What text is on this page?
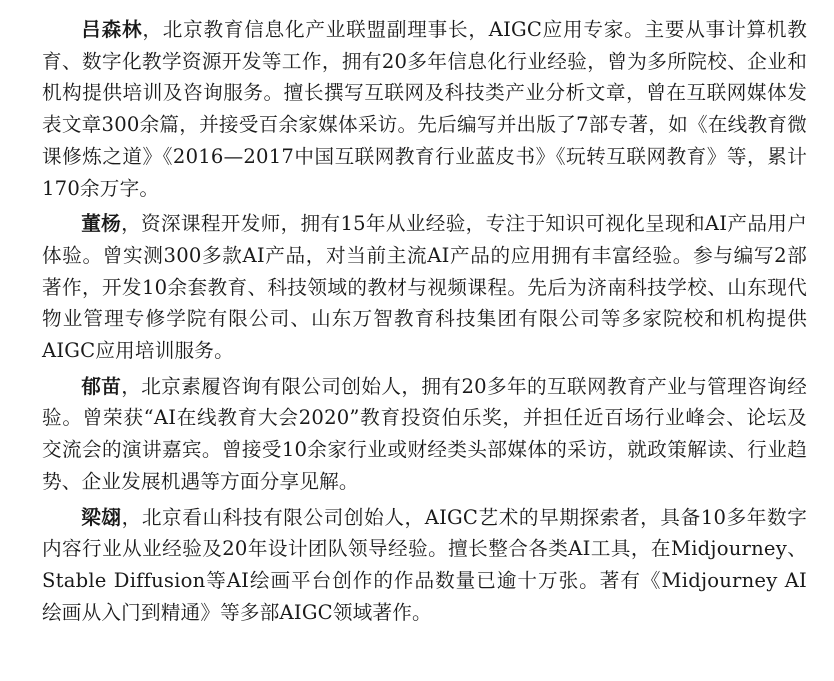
吕森林，北京教育信息化产业联盟副理事长，AIGC应用专家。主要从事计算机教育、数字化教学资源开发等工作，拥有20多年信息化行业经验，曾为多所院校、企业和机构提供培训及咨询服务。擅长撰写互联网及科技类产业分析文章，曾在互联网媒体发表文章300余篇，并接受百余家媒体采访。先后编写并出版了7部专著，如《在线教育微课修炼之道》《2016—2017中国互联网教育行业蓝皮书》《玩转互联网教育》等，累计170余万字。

董杨，资深课程开发师，拥有15年从业经验，专注于知识可视化呈现和AI产品用户体验。曾实测300多款AI产品，对当前主流AI产品的应用拥有丰富经验。参与编写2部著作，开发10余套教育、科技领域的教材与视频课程。先后为济南科技学校、山东现代物业管理专修学院有限公司、山东万智教育科技集团有限公司等多家院校和机构提供AIGC应用培训服务。

郁苗，北京素履咨询有限公司创始人，拥有20多年的互联网教育产业与管理咨询经验。曾荣获“AI在线教育大会2020”教育投资伯乐奖，并担任近百场行业峰会、论坛及交流会的演讲嘉宾。曾接受10余家行业或财经类头部媒体的采访，就政策解读、行业趋势、企业发展机遇等方面分享见解。

梁翃，北京看山科技有限公司创始人，AIGC艺术的早期探索者，具备10多年数字内容行业从业经验及20年设计团队领导经验。擅长整合各类AI工具，在Midjourney、Stable Diffusion等AI绘画平台创作的作品数量已逾十万张。著有《Midjourney AI绘画从入门到精通》等多部AIGC领域著作。
